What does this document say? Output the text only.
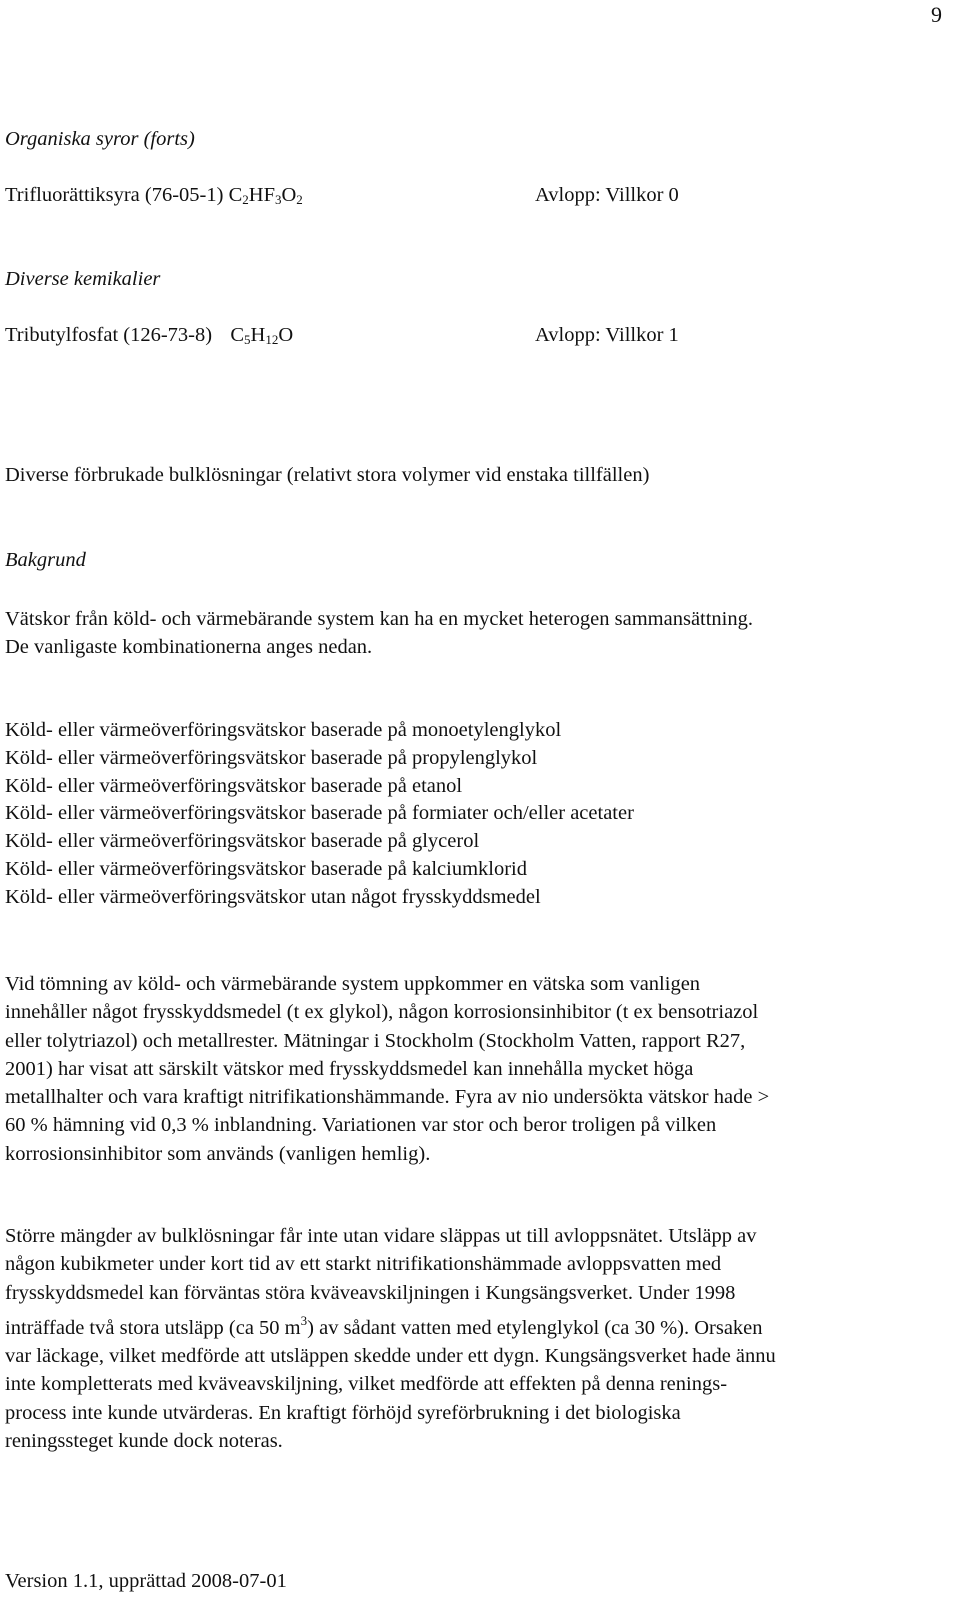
9

Organiska syror (forts)

Trifluorättiksyra (76-05-1) C2HF3O2	Avlopp: Villkor 0

Diverse kemikalier

Tributylfosfat (126-73-8) C5H12O	Avlopp: Villkor 1

Diverse förbrukade bulklösningar (relativt stora volymer vid enstaka tillfällen)

Bakgrund

Vätskor från köld- och värmebärande system kan ha en mycket heterogen sammansättning.
De vanligaste kombinationerna anges nedan.
Köld- eller värmeöverföringsvätskor baserade på monoetylenglykol
Köld- eller värmeöverföringsvätskor baserade på propylenglykol
Köld- eller värmeöverföringsvätskor baserade på etanol
Köld- eller värmeöverföringsvätskor baserade på formiater och/eller acetater
Köld- eller värmeöverföringsvätskor baserade på glycerol
Köld- eller värmeöverföringsvätskor baserade på kalciumklorid
Köld- eller värmeöverföringsvätskor utan något frysskyddsmedel
Vid tömning av köld- och värmebärande system uppkommer en vätska som vanligen
innehåller något frysskyddsmedel (t ex glykol), någon korrosionsinhibitor (t ex bensotriazol
eller tolytriazol) och metallrester. Mätningar i Stockholm (Stockholm Vatten, rapport R27,
2001) har visat att särskilt vätskor med frysskyddsmedel kan innehålla mycket höga
metallhalter och vara kraftigt nitrifikationshämmande. Fyra av nio undersökta vätskor hade >
60 % hämning vid 0,3 % inblandning. Variationen var stor och beror troligen på vilken
korrosionsinhibitor som används (vanligen hemlig).
Större mängder av bulklösningar får inte utan vidare släppas ut till avloppsnätet. Utsläpp av
någon kubikmeter under kort tid av ett starkt nitrifikationshämmade avloppsvatten med
frysskyddsmedel kan förväntas störa kväveavskiljningen i Kungsängsverket. Under 1998
inträffade två stora utsläpp (ca 50 $m^3$) av sådant vatten med etylenglykol (ca 30 %). Orsaken
var läckage, vilket medförde att utsläppen skedde under ett dygn. Kungsängsverket hade ännu
inte kompletterats med kväveavskiljning, vilket medförde att effekten på denna renings-
process inte kunde utvärderas. En kraftigt förhöjd syreförbrukning i det biologiska
reningssteget kunde dock noteras.

Version 1.1, upprättad 2008-07-01
